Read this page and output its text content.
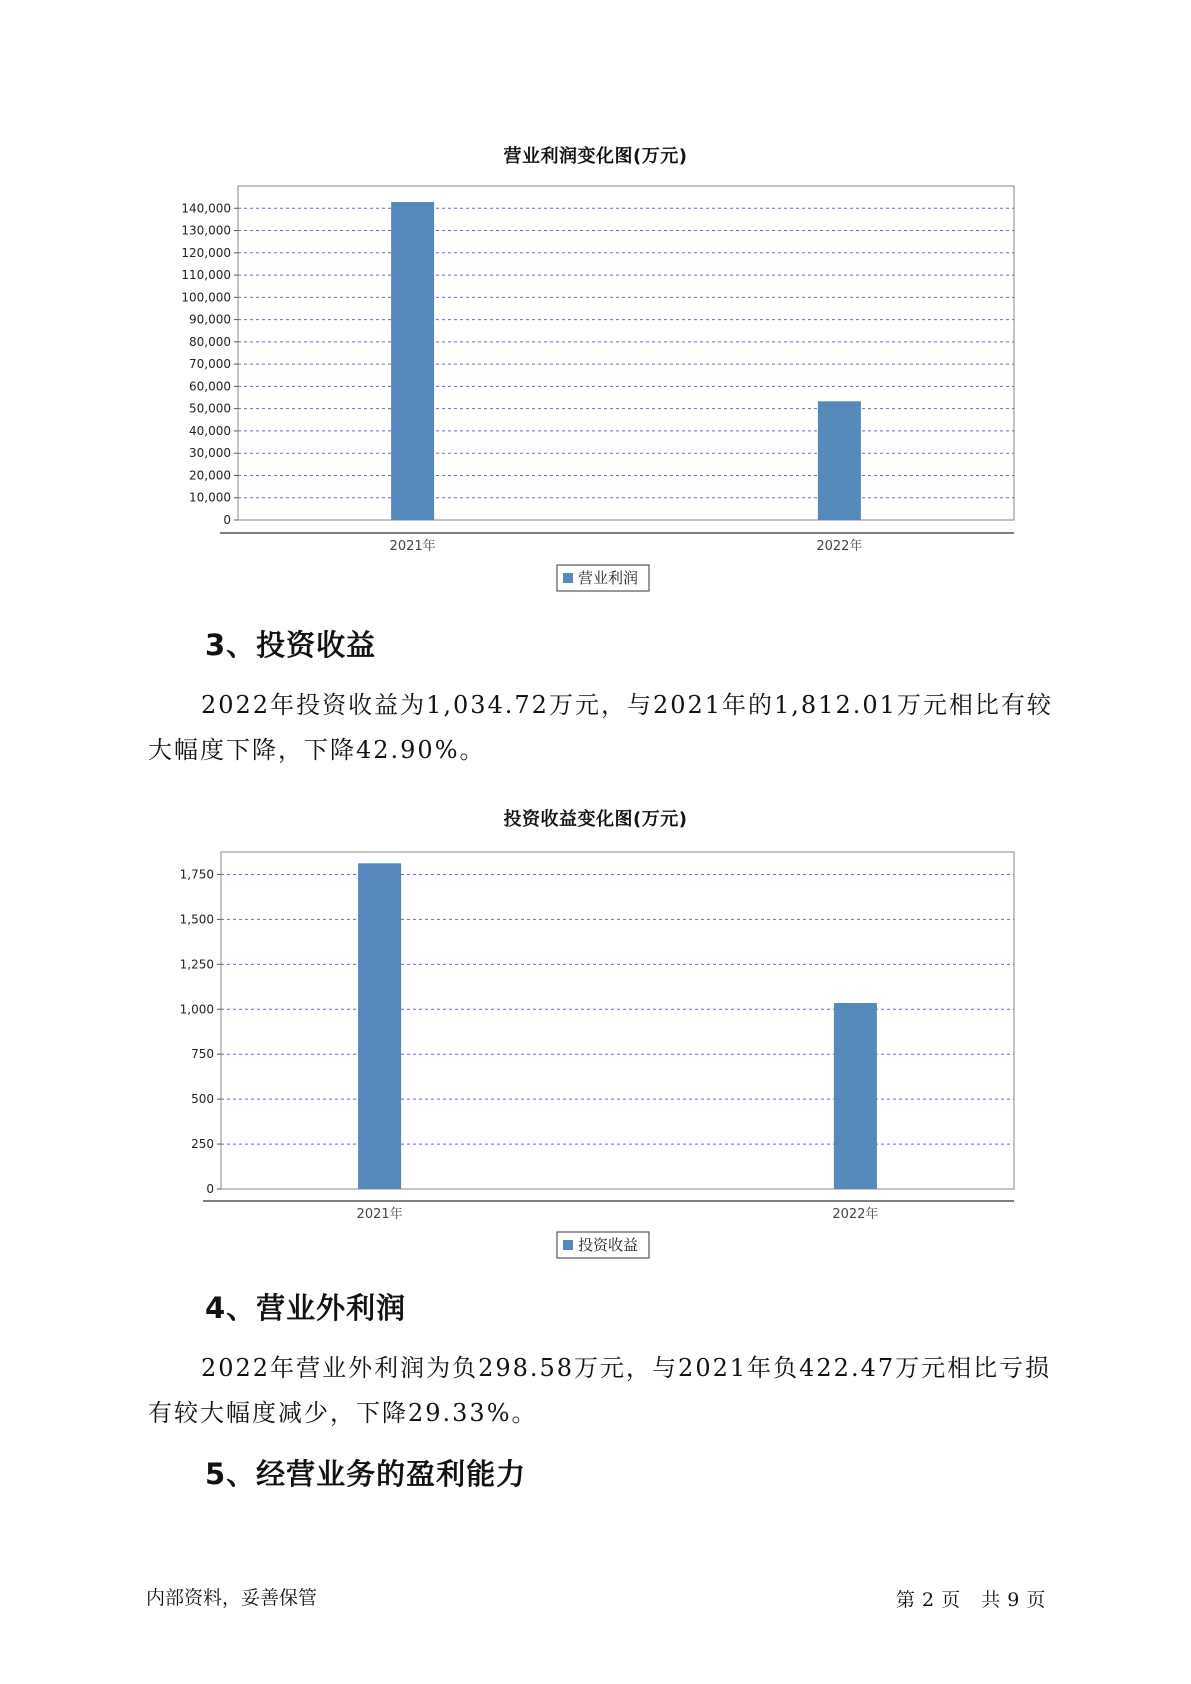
营业利润变化图(万元)
0
10,000
20,000
30,000
40,000
50,000
60,000
70,000
80,000
90,000
100,000
110,000
120,000
130,000
140,000
2021年	2022年
营业利润
3、投资收益
2022年投资收益为1,034.72万元，与2021年的1,812.01万元相比有较
大幅度下降，下降42.90%。
投资收益变化图(万元)
0
250
500
750
1,000
1,250
1,500
1,750
2021年	2022年
投资收益
4、营业外利润
2022年营业外利润为负298.58万元，与2021年负422.47万元相比亏损
有较大幅度减少，下降29.33%。
5、经营业务的盈利能力
内部资料，妥善保管	第 2 页 共 9 页
